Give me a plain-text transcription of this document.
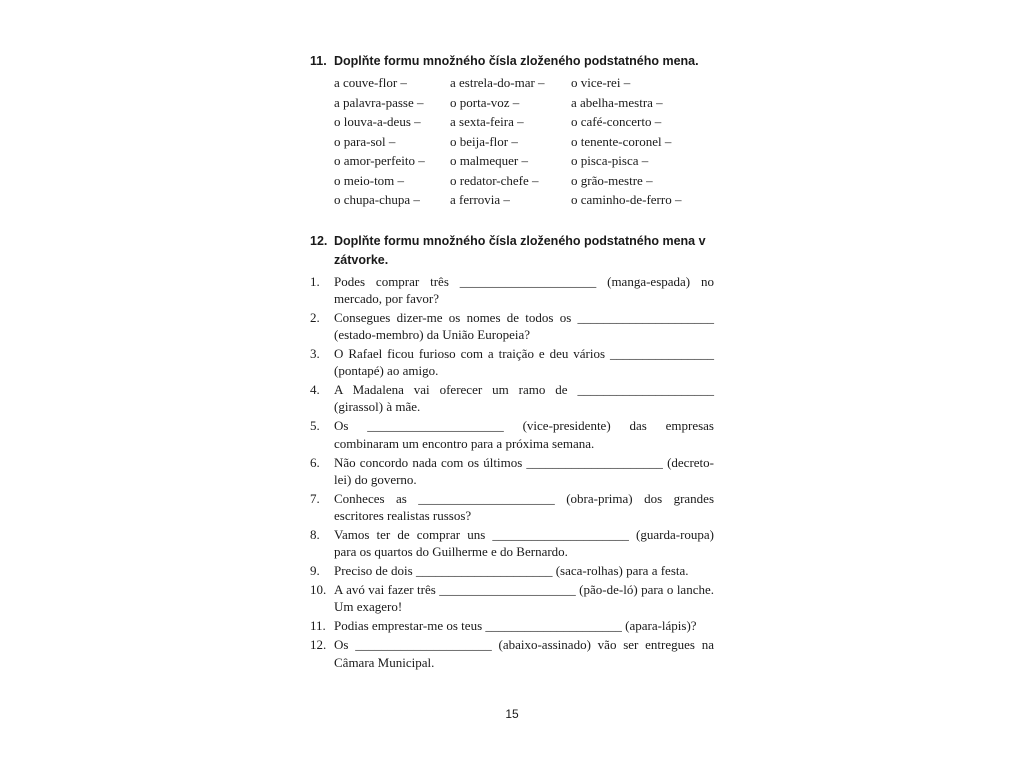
11. Doplňte formu množného čísla zloženého podstatného mena.
a couve-flor –	a estrela-do-mar –	o vice-rei –
a palavra-passe –	o porta-voz –	a abelha-mestra –
o louva-a-deus –	a sexta-feira –	o café-concerto –
o para-sol –	o beija-flor –	o tenente-coronel –
o amor-perfeito –	o malmequer –	o pisca-pisca –
o meio-tom –	o redator-chefe –	o grão-mestre –
o chupa-chupa –	a ferrovia –	o caminho-de-ferro –
12. Doplňte formu množného čísla zloženého podstatného mena v zátvorke.
1.	Podes comprar três _____________________ (manga-espada) no mercado, por favor?
2.	Consegues dizer-me os nomes de todos os _____________________ (estado-membro) da União Europeia?
3.	O Rafael ficou furioso com a traição e deu vários ________________ (pontapé) ao amigo.
4.	A Madalena vai oferecer um ramo de _____________________ (girassol) à mãe.
5.	Os _____________________ (vice-presidente) das empresas combinaram um encontro para a próxima semana.
6.	Não concordo nada com os últimos _____________________ (decreto-lei) do governo.
7.	Conheces as _____________________ (obra-prima) dos grandes escritores realistas russos?
8.	Vamos ter de comprar uns _____________________ (guarda-roupa) para os quartos do Guilherme e do Bernardo.
9.	Preciso de dois _____________________ (saca-rolhas) para a festa.
10. A avó vai fazer três _____________________ (pão-de-ló) para o lanche. Um exagero!
11. Podias emprestar-me os teus _____________________ (apara-lápis)?
12. Os _____________________ (abaixo-assinado) vão ser entregues na Câmara Municipal.
15
